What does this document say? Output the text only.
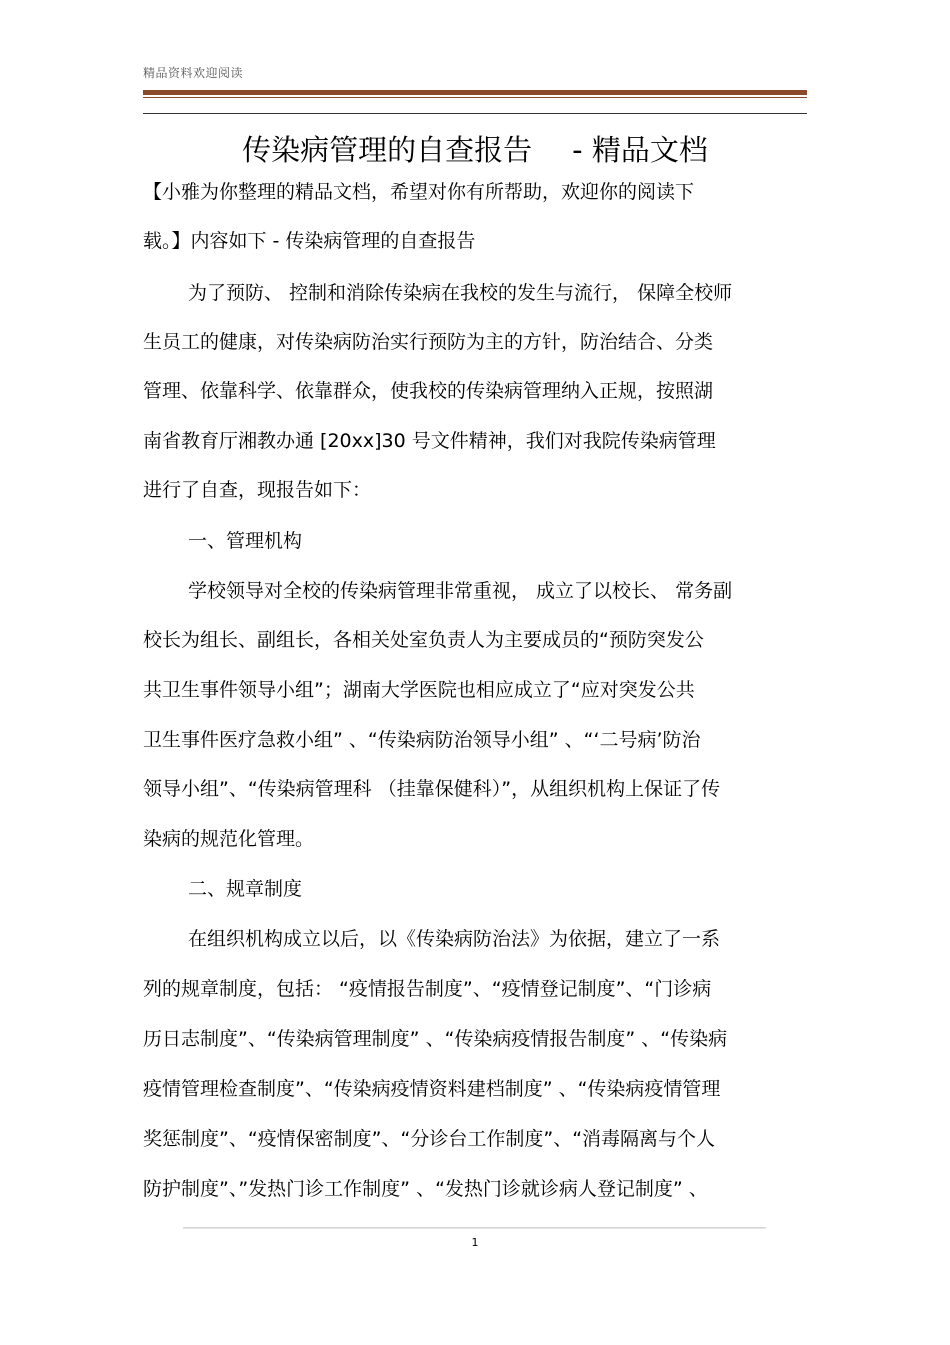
精品资料欢迎阅读
传染病管理的自查报告 - 精品文档
【小雅为你整理的精品文档，希望对你有所帮助，欢迎你的阅读下
载。】内容如下 - 传染病管理的自查报告
为了预防、 控制和消除传染病在我校的发生与流行， 保障全校师
生员工的健康，对传染病防治实行预防为主的方针，防治结合、分类
管理、依靠科学、依靠群众，使我校的传染病管理纳入正规，按照湖
南省教育厅湘教办通 [20xx]30 号文件精神，我们对我院传染病管理
进行了自查，现报告如下：
一、管理机构
学校领导对全校的传染病管理非常重视， 成立了以校长、 常务副
校长为组长、副组长，各相关处室负责人为主要成员的“预防突发公
共卫生事件领导小组”；湖南大学医院也相应成立了“应对突发公共
卫生事件医疗急救小组” 、“传染病防治领导小组” 、“‘二号病’防治
领导小组”、“传染病管理科 （挂靠保健科）”，从组织机构上保证了传
染病的规范化管理。
二、规章制度
在组织机构成立以后，以《传染病防治法》为依据，建立了一系
列的规章制度，包括： “疫情报告制度”、“疫情登记制度”、“门诊病
历日志制度”、“传染病管理制度” 、“传染病疫情报告制度” 、“传染病
疫情管理检查制度”、“传染病疫情资料建档制度” 、“传染病疫情管理
奖惩制度”、“疫情保密制度”、“分诊台工作制度”、“消毒隔离与个人
防护制度”、”发热门诊工作制度” 、“发热门诊就诊病人登记制度” 、
1
